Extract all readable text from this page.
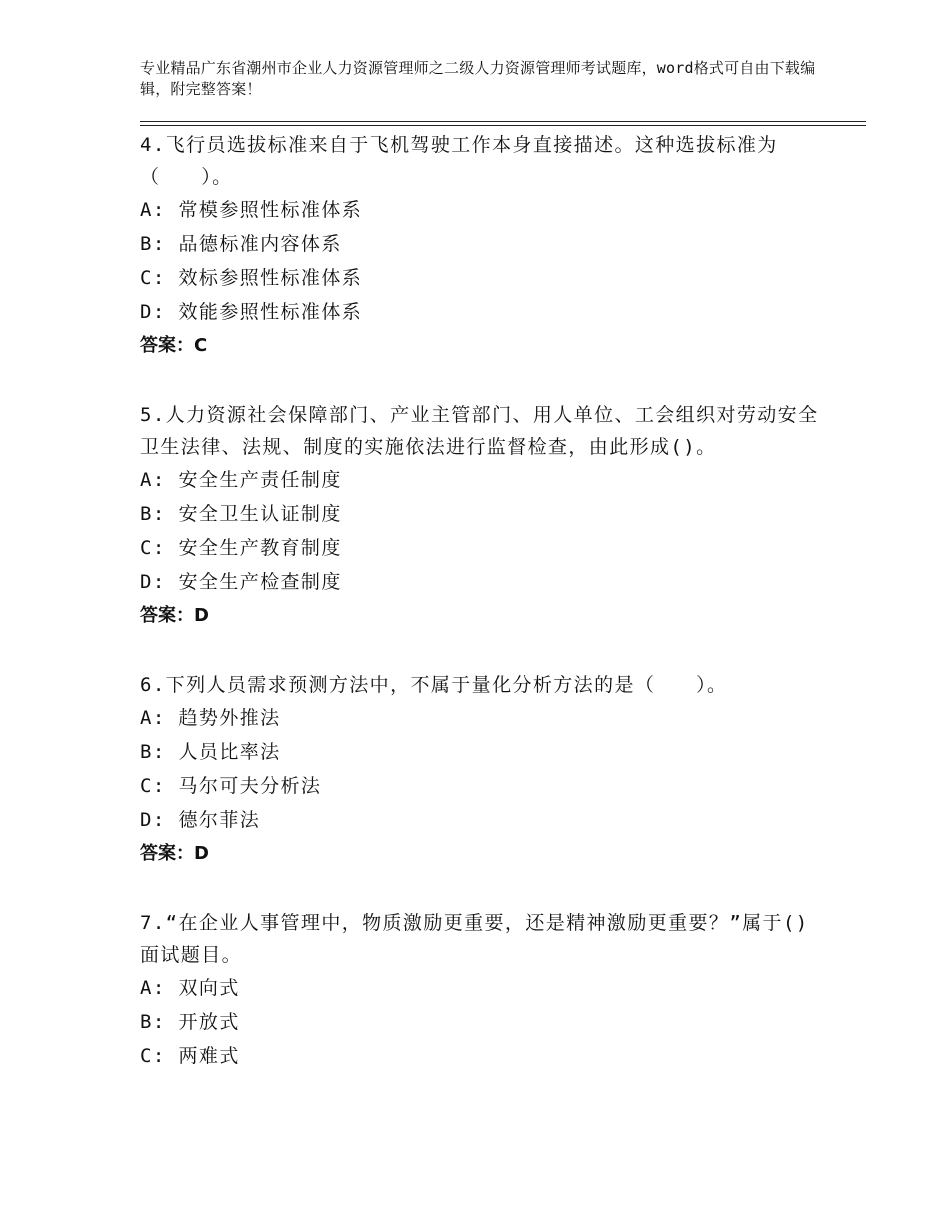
专业精品广东省潮州市企业人力资源管理师之二级人力资源管理师考试题库，word格式可自由下载编辑，附完整答案！

4.飞行员选拔标准来自于飞机驾驶工作本身直接描述。这种选拔标准为（　　）。

A: 常模参照性标准体系

B: 品德标准内容体系

C: 效标参照性标准体系

D: 效能参照性标准体系

答案：C

5.人力资源社会保障部门、产业主管部门、用人单位、工会组织对劳动安全卫生法律、法规、制度的实施依法进行监督检查，由此形成()。

A: 安全生产责任制度

B: 安全卫生认证制度

C: 安全生产教育制度

D: 安全生产检查制度

答案：D

6.下列人员需求预测方法中，不属于量化分析方法的是（　　）。

A: 趋势外推法

B: 人员比率法

C: 马尔可夫分析法

D: 德尔菲法

答案：D

7.“在企业人事管理中，物质激励更重要，还是精神激励更重要？”属于()面试题目。

A: 双向式

B: 开放式

C: 两难式
